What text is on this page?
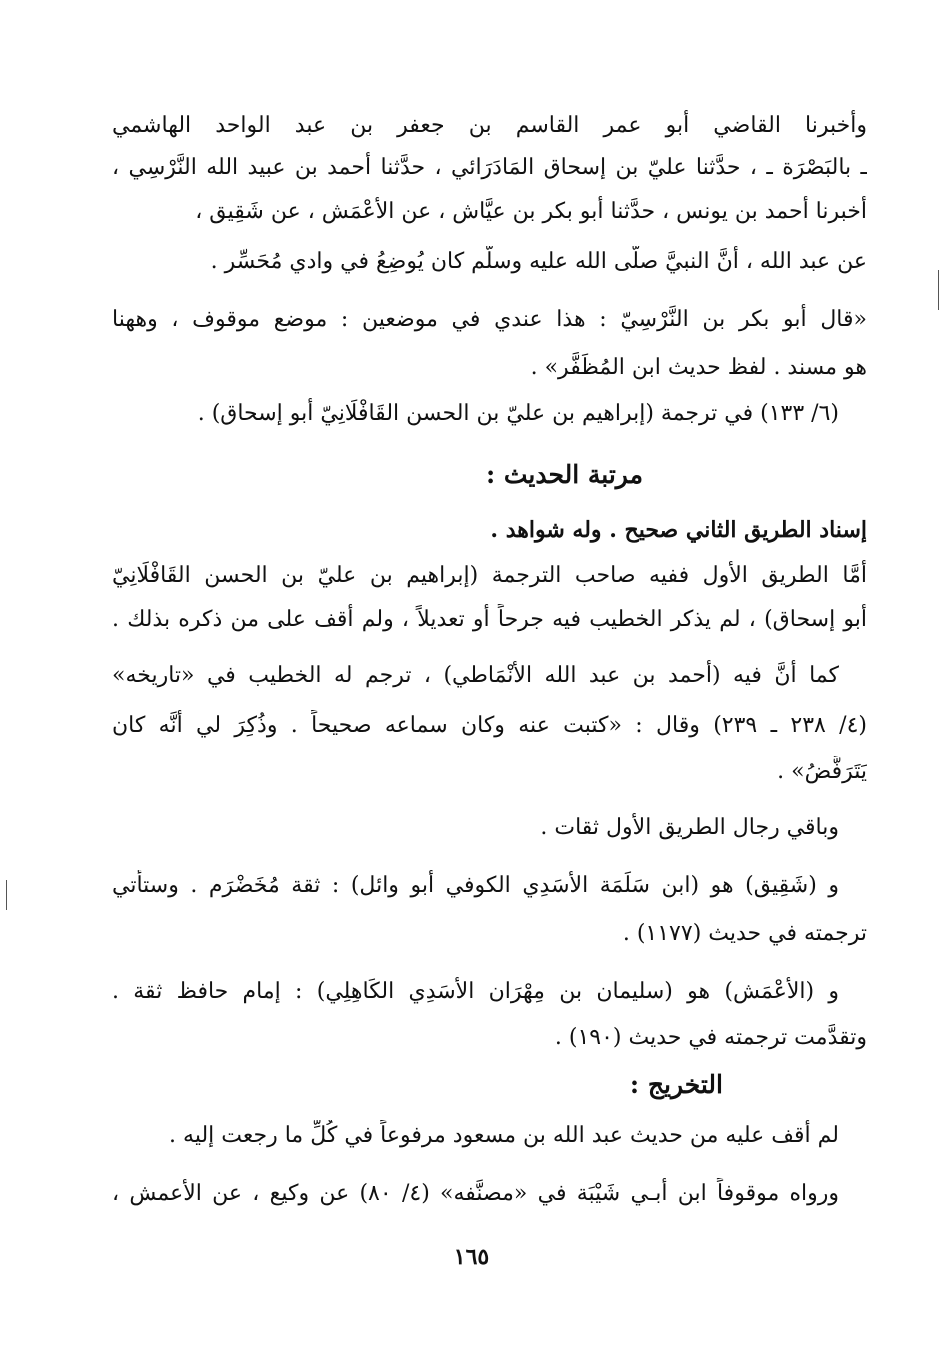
وأخبرنا القاضي أبو عمر القاسم بن جعفر بن عبد الواحد الهاشمي
ـ بالبَصْرَة ـ ، حدَّثنا عليّ بن إسحاق المَادَرَائي ، حدَّثنا أحمد بن عبيد الله النَّرْسِي ،
أخبرنا أحمد بن يونس ، حدَّثنا أبو بكر بن عيَّاش ، عن الأَعْمَش ، عن شَقِيق ،
عن عبد الله ، أنَّ النبيَّ صلَّى الله عليه وسلَّم كان يُوضِعُ في وادي مُحَسِّر .
«قال أبو بكر بن النَّرْسِيّ : هذا عندي في موضعين : موضع موقوف ، وههنا
هو مسند . لفظ حديث ابن المُظَفَّر» .
(٦/ ١٣٣) في ترجمة (إبراهيم بن عليّ بن الحسن القَافْلَانِيّ أبو إسحاق) .
مرتبة الحديث :
إسناد الطريق الثاني صحيح . وله شواهد .
أمَّا الطريق الأول ففيه صاحب الترجمة (إبراهيم بن عليّ بن الحسن القَافْلَانِيّ
أبو إسحاق) ، لم يذكر الخطيب فيه جرحاً أو تعديلاً ، ولم أقف على من ذكره بذلك .
كما أنَّ فيه (أحمد بن عبد الله الأَنْمَاطي) ، ترجم له الخطيب في «تاريخه»
(٤/ ٢٣٨ ـ ٢٣٩) وقال : «كتبت عنه وكان سماعه صحيحاً . وذُكِرَ لي أنَّه كان
يَتَرَفَّضُ» .
وباقي رجال الطريق الأول ثقات .
و (شَقِيق) هو (ابن سَلَمَة الأَسَدِي الكوفي أبو وائل) : ثقة مُخَضْرَم . وستأتي
ترجمته في حديث (١١٧٧) .
و (الأَعْمَش) هو (سليمان بن مِهْرَان الأَسَدِي الكَاهِلِي) : إمام حافظ ثقة .
وتقدَّمت ترجمته في حديث (١٩٠) .
التخريج :
لم أقف عليه من حديث عبد الله بن مسعود مرفوعاً في كُلِّ ما رجعت إليه .
ورواه موقوفاً ابن أبـي شَيْبَة في «مصنَّفه» (٤/ ٨٠) عن وكيع ، عن الأعمش ،
١٦٥
